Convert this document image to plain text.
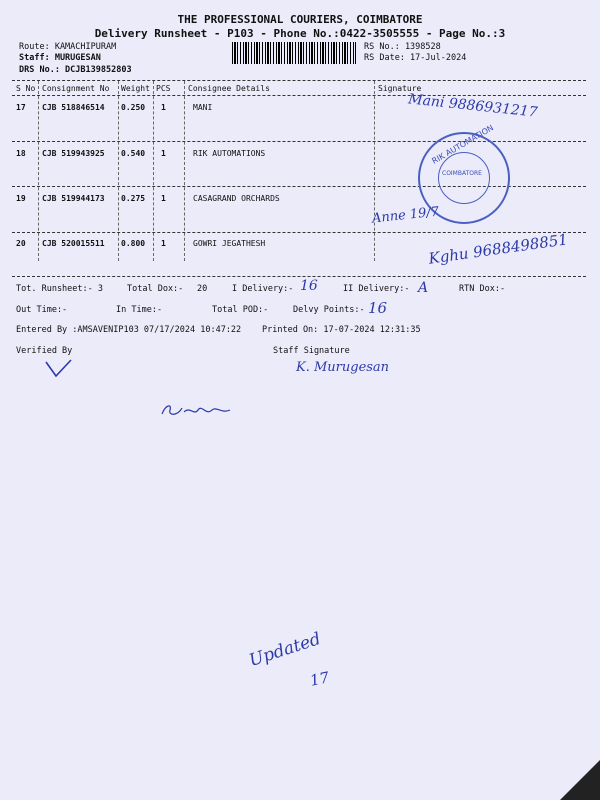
THE PROFESSIONAL COURIERS, COIMBATORE
Delivery Runsheet - P103 - Phone No.:0422-3505555 - Page No.:3
Route: KAMACHIPURAM
Staff: MURUGESAN
DRS No.: DCJB139852803
RS No.: 1398528
RS Date: 17-Jul-2024
S No Consignment No Weight PCS Consignee Details	Signature
17 CJB 518846514 0.250 1	MANI
18 CJB 519943925 0.540 1	RIK AUTOMATIONS
19 CJB 519944173 0.275 1	CASAGRAND ORCHARDS
20 CJB 520015511 0.800 1	GOWRI JEGATHESH
Tot. Runsheet:- 3	Total Dox:- 20	I Delivery:-	II Delivery:-	RTN Dox:-
Out Time:-	In Time:-	Total POD:-	Delvy Points:-
Entered By :AMSAVENIP103 07/17/2024 10:47:22 Printed On: 17-07-2024 12:31:35
Verified By	Staff Signature
RIK AUTOMATION
COIMBATORE
Mani 9886931217
Anne 19/7
Kghu 9688498851
16	A
16
K. Murugesan
Updated
17
